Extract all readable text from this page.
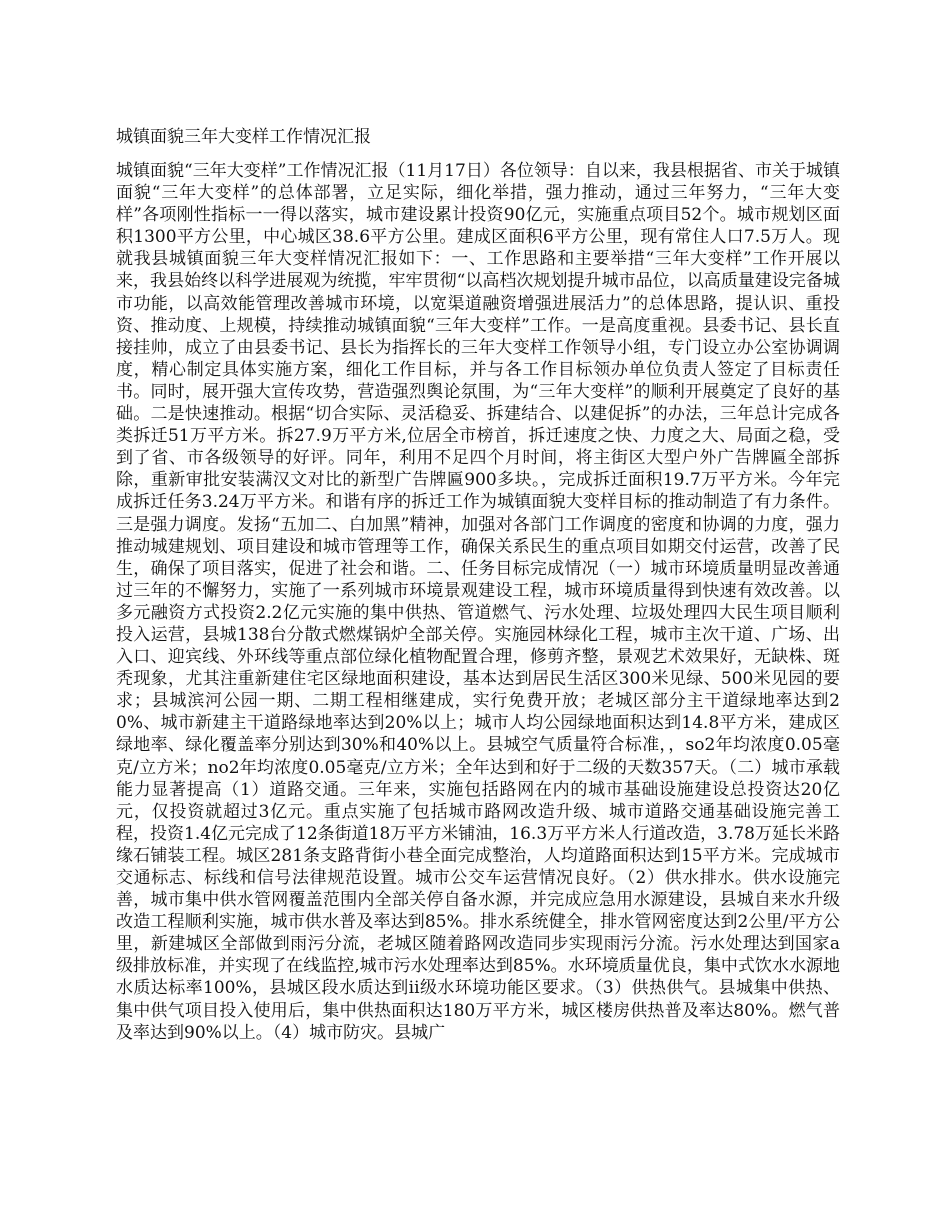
城镇面貌三年大变样工作情况汇报

城镇面貌“三年大变样”工作情况汇报（11月17日）各位领导：自以来，我县根据省、市关于城镇面貌“三年大变样”的总体部署，立足实际，细化举措，强力推动，通过三年努力，“三年大变样”各项刚性指标一一得以落实，城市建设累计投资90亿元，实施重点项目52个。城市规划区面积1300平方公里，中心城区38.6平方公里。建成区面积6平方公里，现有常住人口7.5万人。现就我县城镇面貌三年大变样情况汇报如下：一、工作思路和主要举措“三年大变样”工作开展以来，我县始终以科学进展观为统揽，牢牢贯彻“以高档次规划提升城市品位，以高质量建设完备城市功能，以高效能管理改善城市环境，以宽渠道融资增强进展活力”的总体思路，提认识、重投资、推动度、上规模，持续推动城镇面貌“三年大变样”工作。一是高度重视。县委书记、县长直接挂帅，成立了由县委书记、县长为指挥长的三年大变样工作领导小组，专门设立办公室协调调度，精心制定具体实施方案，细化工作目标，并与各工作目标领办单位负责人签定了目标责任书。同时，展开强大宣传攻势，营造强烈舆论氛围，为“三年大变样”的顺利开展奠定了良好的基础。二是快速推动。根据“切合实际、灵活稳妥、拆建结合、以建促拆”的办法，三年总计完成各类拆迁51万平方米。拆27.9万平方米,位居全市榜首，拆迁速度之快、力度之大、局面之稳，受到了省、市各级领导的好评。同年，利用不足四个月时间，将主街区大型户外广告牌匾全部拆除，重新审批安装满汉文对比的新型广告牌匾900多块。，完成拆迁面积19.7万平方米。今年完成拆迁任务3.24万平方米。和谐有序的拆迁工作为城镇面貌大变样目标的推动制造了有力条件。三是强力调度。发扬“五加二、白加黑”精神，加强对各部门工作调度的密度和协调的力度，强力推动城建规划、项目建设和城市管理等工作，确保关系民生的重点项目如期交付运营，改善了民生，确保了项目落实，促进了社会和谐。二、任务目标完成情况（一）城市环境质量明显改善通过三年的不懈努力，实施了一系列城市环境景观建设工程，城市环境质量得到快速有效改善。以多元融资方式投资2.2亿元实施的集中供热、管道燃气、污水处理、垃圾处理四大民生项目顺利投入运营，县城138台分散式燃煤锅炉全部关停。实施园林绿化工程，城市主次干道、广场、出入口、迎宾线、外环线等重点部位绿化植物配置合理，修剪齐整，景观艺术效果好，无缺株、斑秃现象，尤其注重新建住宅区绿地面积建设，基本达到居民生活区300米见绿、500米见园的要求；县城滨河公园一期、二期工程相继建成，实行免费开放；老城区部分主干道绿地率达到20%、城市新建主干道路绿地率达到20%以上；城市人均公园绿地面积达到14.8平方米，建成区绿地率、绿化覆盖率分别达到30%和40%以上。县城空气质量符合标准，，so2年均浓度0.05毫克/立方米；no2年均浓度0.05毫克/立方米；全年达到和好于二级的天数357天。（二）城市承载能力显著提高（1）道路交通。三年来，实施包括路网在内的城市基础设施建设总投资达20亿元，仅投资就超过3亿元。重点实施了包括城市路网改造升级、城市道路交通基础设施完善工程，投资1.4亿元完成了12条街道18万平方米铺油，16.3万平方米人行道改造，3.78万延长米路缘石铺装工程。城区281条支路背街小巷全面完成整治，人均道路面积达到15平方米。完成城市交通标志、标线和信号法律规范设置。城市公交车运营情况良好。（2）供水排水。供水设施完善，城市集中供水管网覆盖范围内全部关停自备水源，并完成应急用水源建设，县城自来水升级改造工程顺利实施，城市供水普及率达到85%。排水系统健全，排水管网密度达到2公里/平方公里，新建城区全部做到雨污分流，老城区随着路网改造同步实现雨污分流。污水处理达到国家a级排放标准，并实现了在线监控,城市污水处理率达到85%。水环境质量优良，集中式饮水水源地水质达标率100%，县城区段水质达到ii级水环境功能区要求。（3）供热供气。县城集中供热、集中供气项目投入使用后，集中供热面积达180万平方米，城区楼房供热普及率达80%。燃气普及率达到90%以上。（4）城市防灾。县城广
